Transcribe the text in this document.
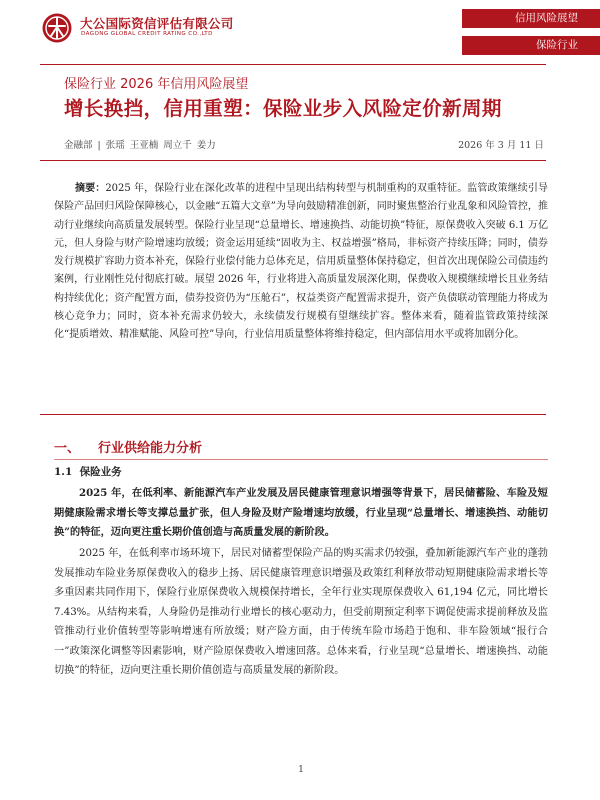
大公国际资信评估有限公司
DAGONG GLOBAL CREDIT RATING CO.,LTD
信用风险展望
保险行业
保险行业 2026 年信用风险展望
增长换挡，信用重塑：保险业步入风险定价新周期
金融部 | 张瑶 王亚楠 周立千 姜力	2026 年 3 月 11 日
摘要：2025 年，保险行业在深化改革的进程中呈现出结构转型与机制重构的双重特征。监管政策继续引导保险产品回归风险保障核心，以金融“五篇大文章”为导向鼓励精准创新，同时聚焦整治行业乱象和风险管控，推动行业继续向高质量发展转型。保险行业呈现“总量增长、增速换挡、动能切换”特征，原保费收入突破 6.1 万亿元，但人身险与财产险增速均放缓；资金运用延续“固收为主、权益增强”格局，非标资产持续压降；同时，债券发行规模扩容助力资本补充，保险行业偿付能力总体充足，信用质量整体保持稳定，但首次出现保险公司债违约案例，行业刚性兑付彻底打破。展望 2026 年，行业将进入高质量发展深化期，保费收入规模继续增长且业务结构持续优化；资产配置方面，债券投资仍为“压舱石”，权益类资产配置需求提升，资产负债联动管理能力将成为核心竞争力；同时，资本补充需求仍较大，永续债发行规模有望继续扩容。整体来看，随着监管政策持续深化“提质增效、精准赋能、风险可控”导向，行业信用质量整体将维持稳定，但内部信用水平或将加剧分化。
一、 行业供给能力分析
1.1 保险业务

2025 年，在低利率、新能源汽车产业发展及居民健康管理意识增强等背景下，居民储蓄险、车险及短期健康险需求增长等支撑总量扩张，但人身险及财产险增速均放缓，行业呈现“总量增长、增速换挡、动能切换”的特征，迈向更注重长期价值创造与高质量发展的新阶段。

2025 年，在低利率市场环境下，居民对储蓄型保险产品的购买需求仍较强，叠加新能源汽车产业的蓬勃发展推动车险业务原保费收入的稳步上扬、居民健康管理意识增强及政策红利释放带动短期健康险需求增长等多重因素共同作用下，保险行业原保费收入规模保持增长，全年行业实现原保费收入 61,194 亿元，同比增长 7.43%。从结构来看，人身险仍是推动行业增长的核心驱动力，但受前期预定利率下调促使需求提前释放及监管推动行业价值转型等影响增速有所放缓；财产险方面，由于传统车险市场趋于饱和、非车险领域“报行合一”政策深化调整等因素影响，财产险原保费收入增速回落。总体来看，行业呈现“总量增长、增速换挡、动能切换”的特征，迈向更注重长期价值创造与高质量发展的新阶段。

1
